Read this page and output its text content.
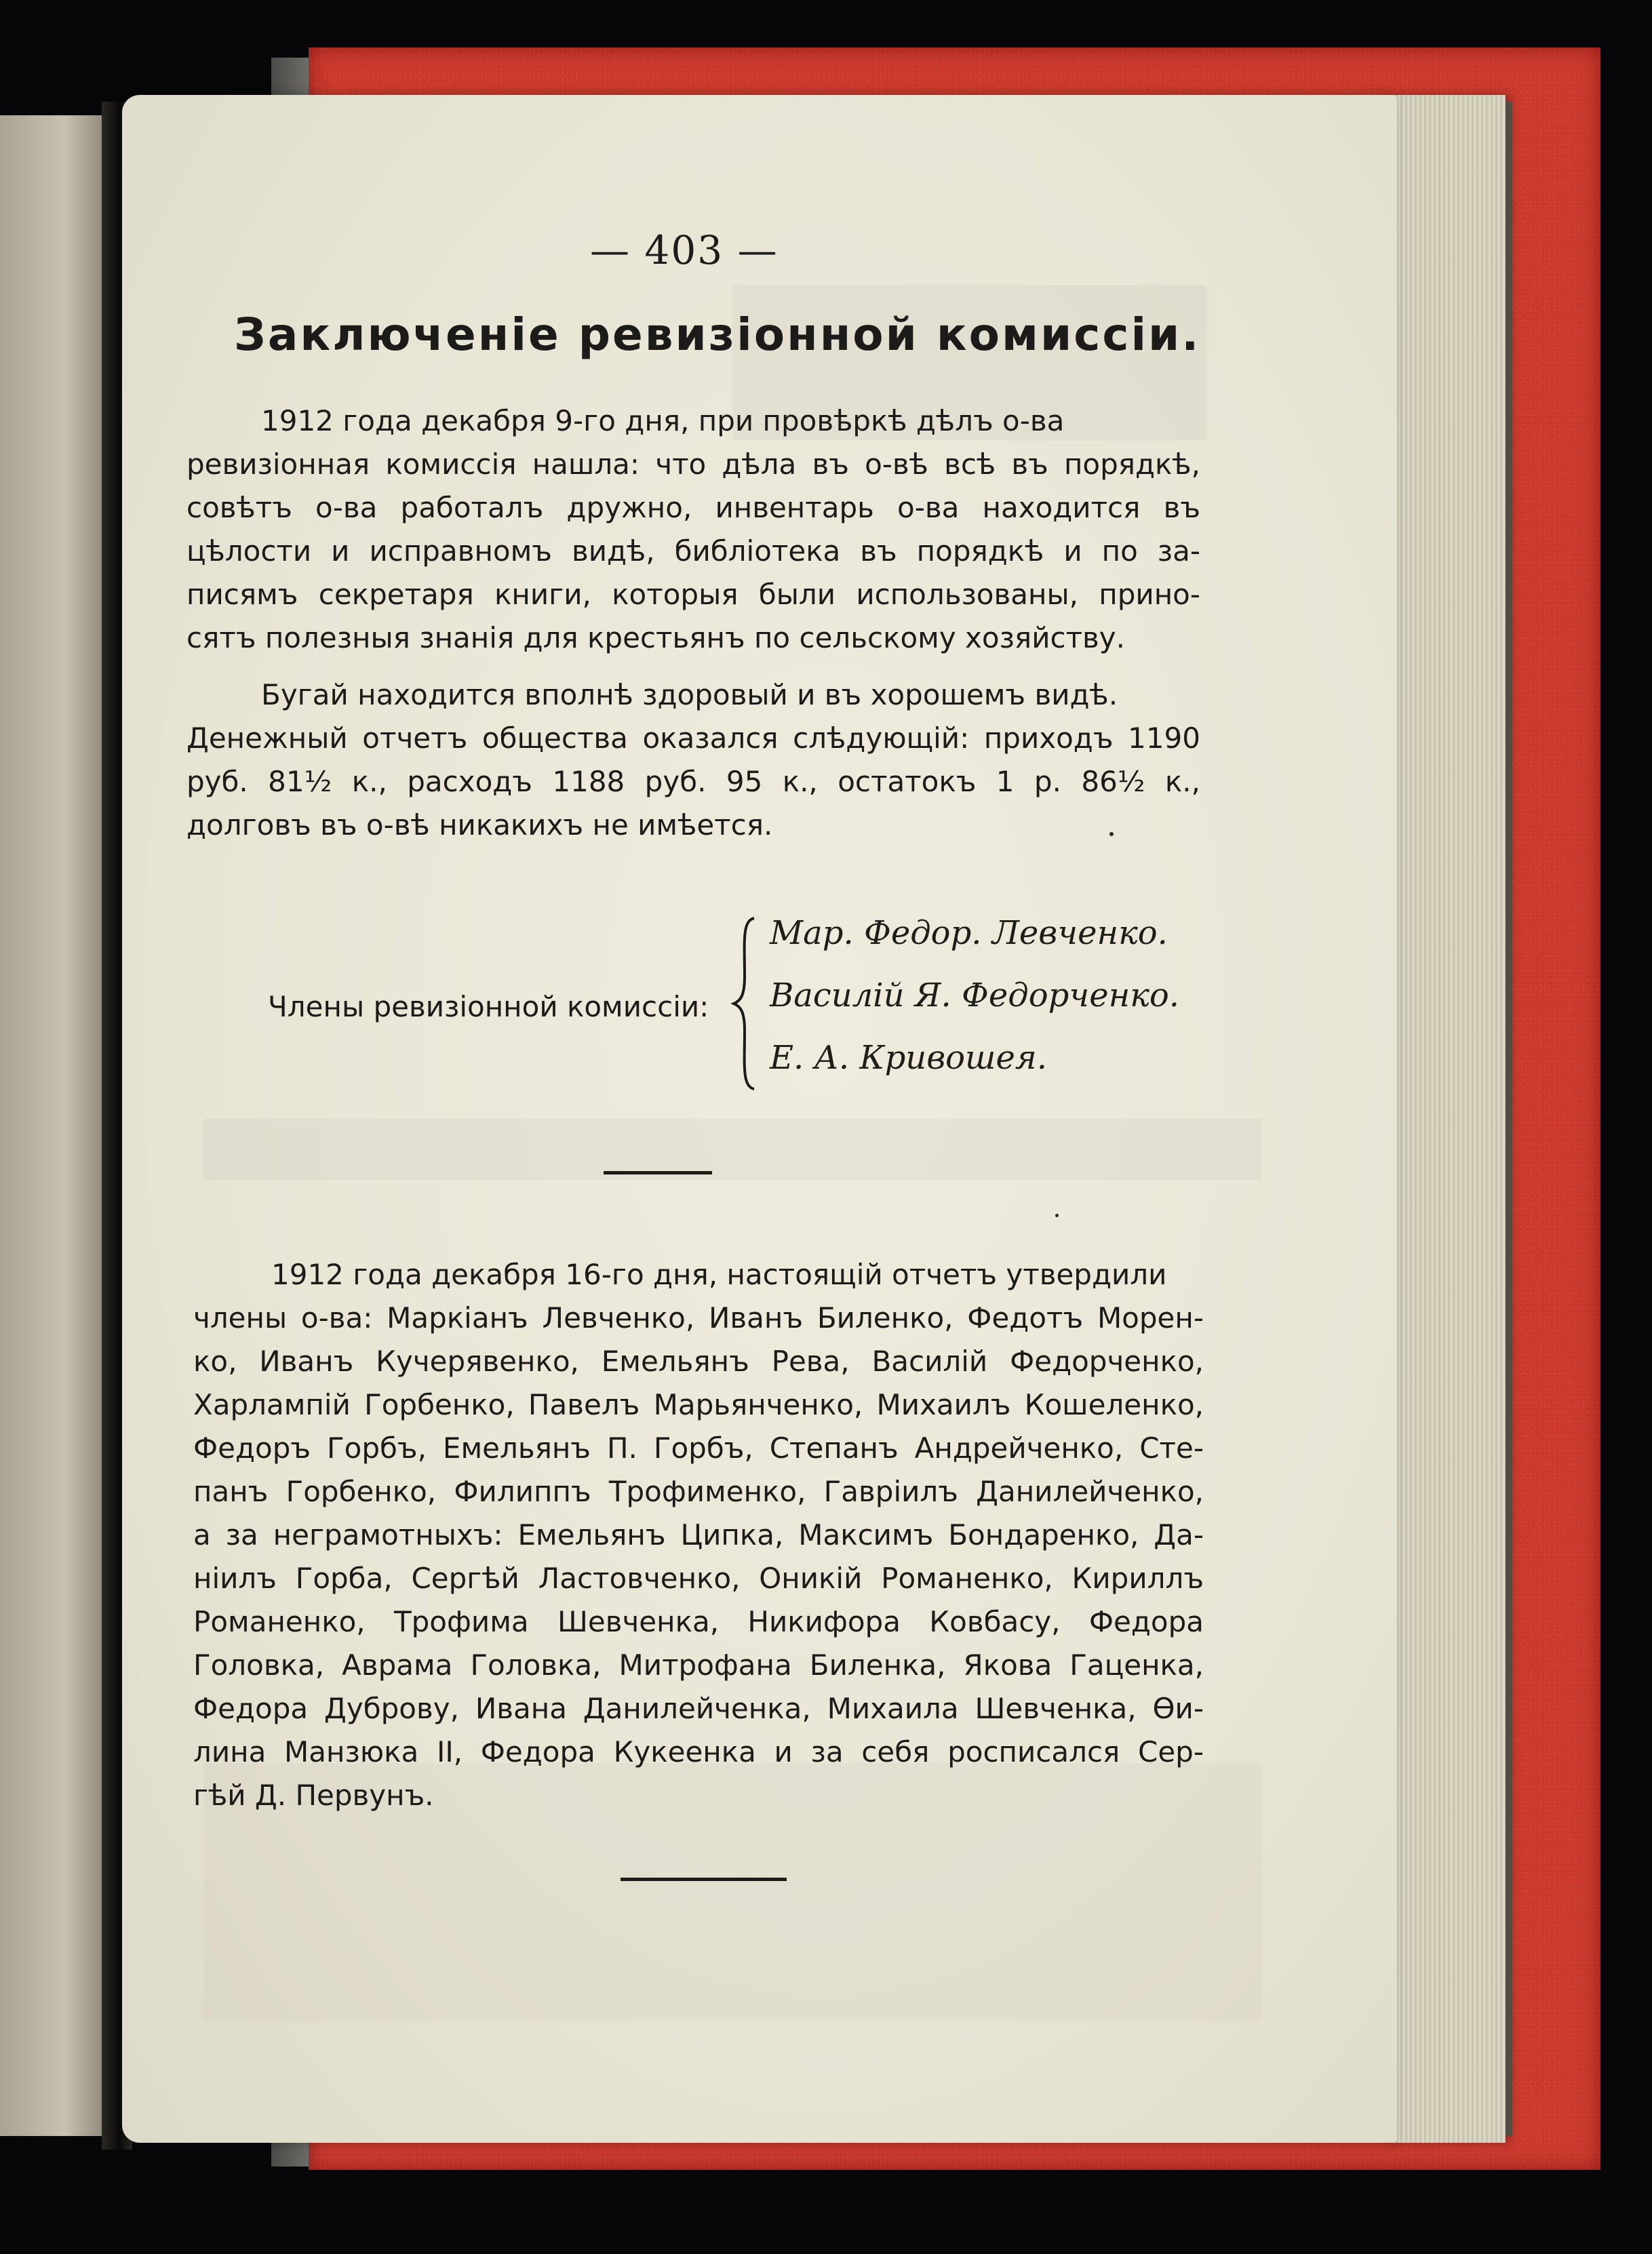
— 403 —
Заключенiе ревизiонной комиссiи.
1912 года декабря 9-го дня, при провѣркѣ дѣлъ о-ва
ревизiонная комиссiя нашла: что дѣла въ о-вѣ всѣ въ порядкѣ,
совѣтъ о-ва работалъ дружно, инвентарь о-ва находится въ
цѣлости и исправномъ видѣ, библiотека въ порядкѣ и по за-
писямъ секретаря книги, которыя были использованы, прино-
сятъ полезныя знанiя для крестьянъ по сельскому хозяйству.
Бугай находится вполнѣ здоровый и въ хорошемъ видѣ.
Денежный отчетъ общества оказался слѣдующiй: приходъ 1190
руб. 81½ к., расходъ 1188 руб. 95 к., остатокъ 1 р. 86½ к.,
долговъ въ о-вѣ никакихъ не имѣется.
Члены ревизiонной комиссiи:
Мар. Федор. Левченко.
Василiй Я. Федорченко.
Е. А. Кривошея.
1912 года декабря 16-го дня, настоящiй отчетъ утвердили
члены о-ва: Маркiанъ Левченко, Иванъ Биленко, Федотъ Морен-
ко, Иванъ Кучерявенко, Емельянъ Рева, Василiй Федорченко,
Харлампiй Горбенко, Павелъ Марьянченко, Михаилъ Кошеленко,
Федоръ Горбъ, Емельянъ П. Горбъ, Степанъ Андрейченко, Сте-
панъ Горбенко, Филиппъ Трофименко, Гаврiилъ Данилейченко,
а за неграмотныхъ: Емельянъ Ципка, Максимъ Бондаренко, Да-
нiилъ Горба, Сергѣй Ластовченко, Оникiй Романенко, Кириллъ
Романенко, Трофима Шевченка, Никифора Ковбасу, Федора
Головка, Аврама Головка, Митрофана Биленка, Якова Гаценка,
Федора Дуброву, Ивана Данилейченка, Михаила Шевченка, Ѳи-
лина Манзюка II, Федора Кукеенка и за себя росписался Сер-
гѣй Д. Первунъ.
